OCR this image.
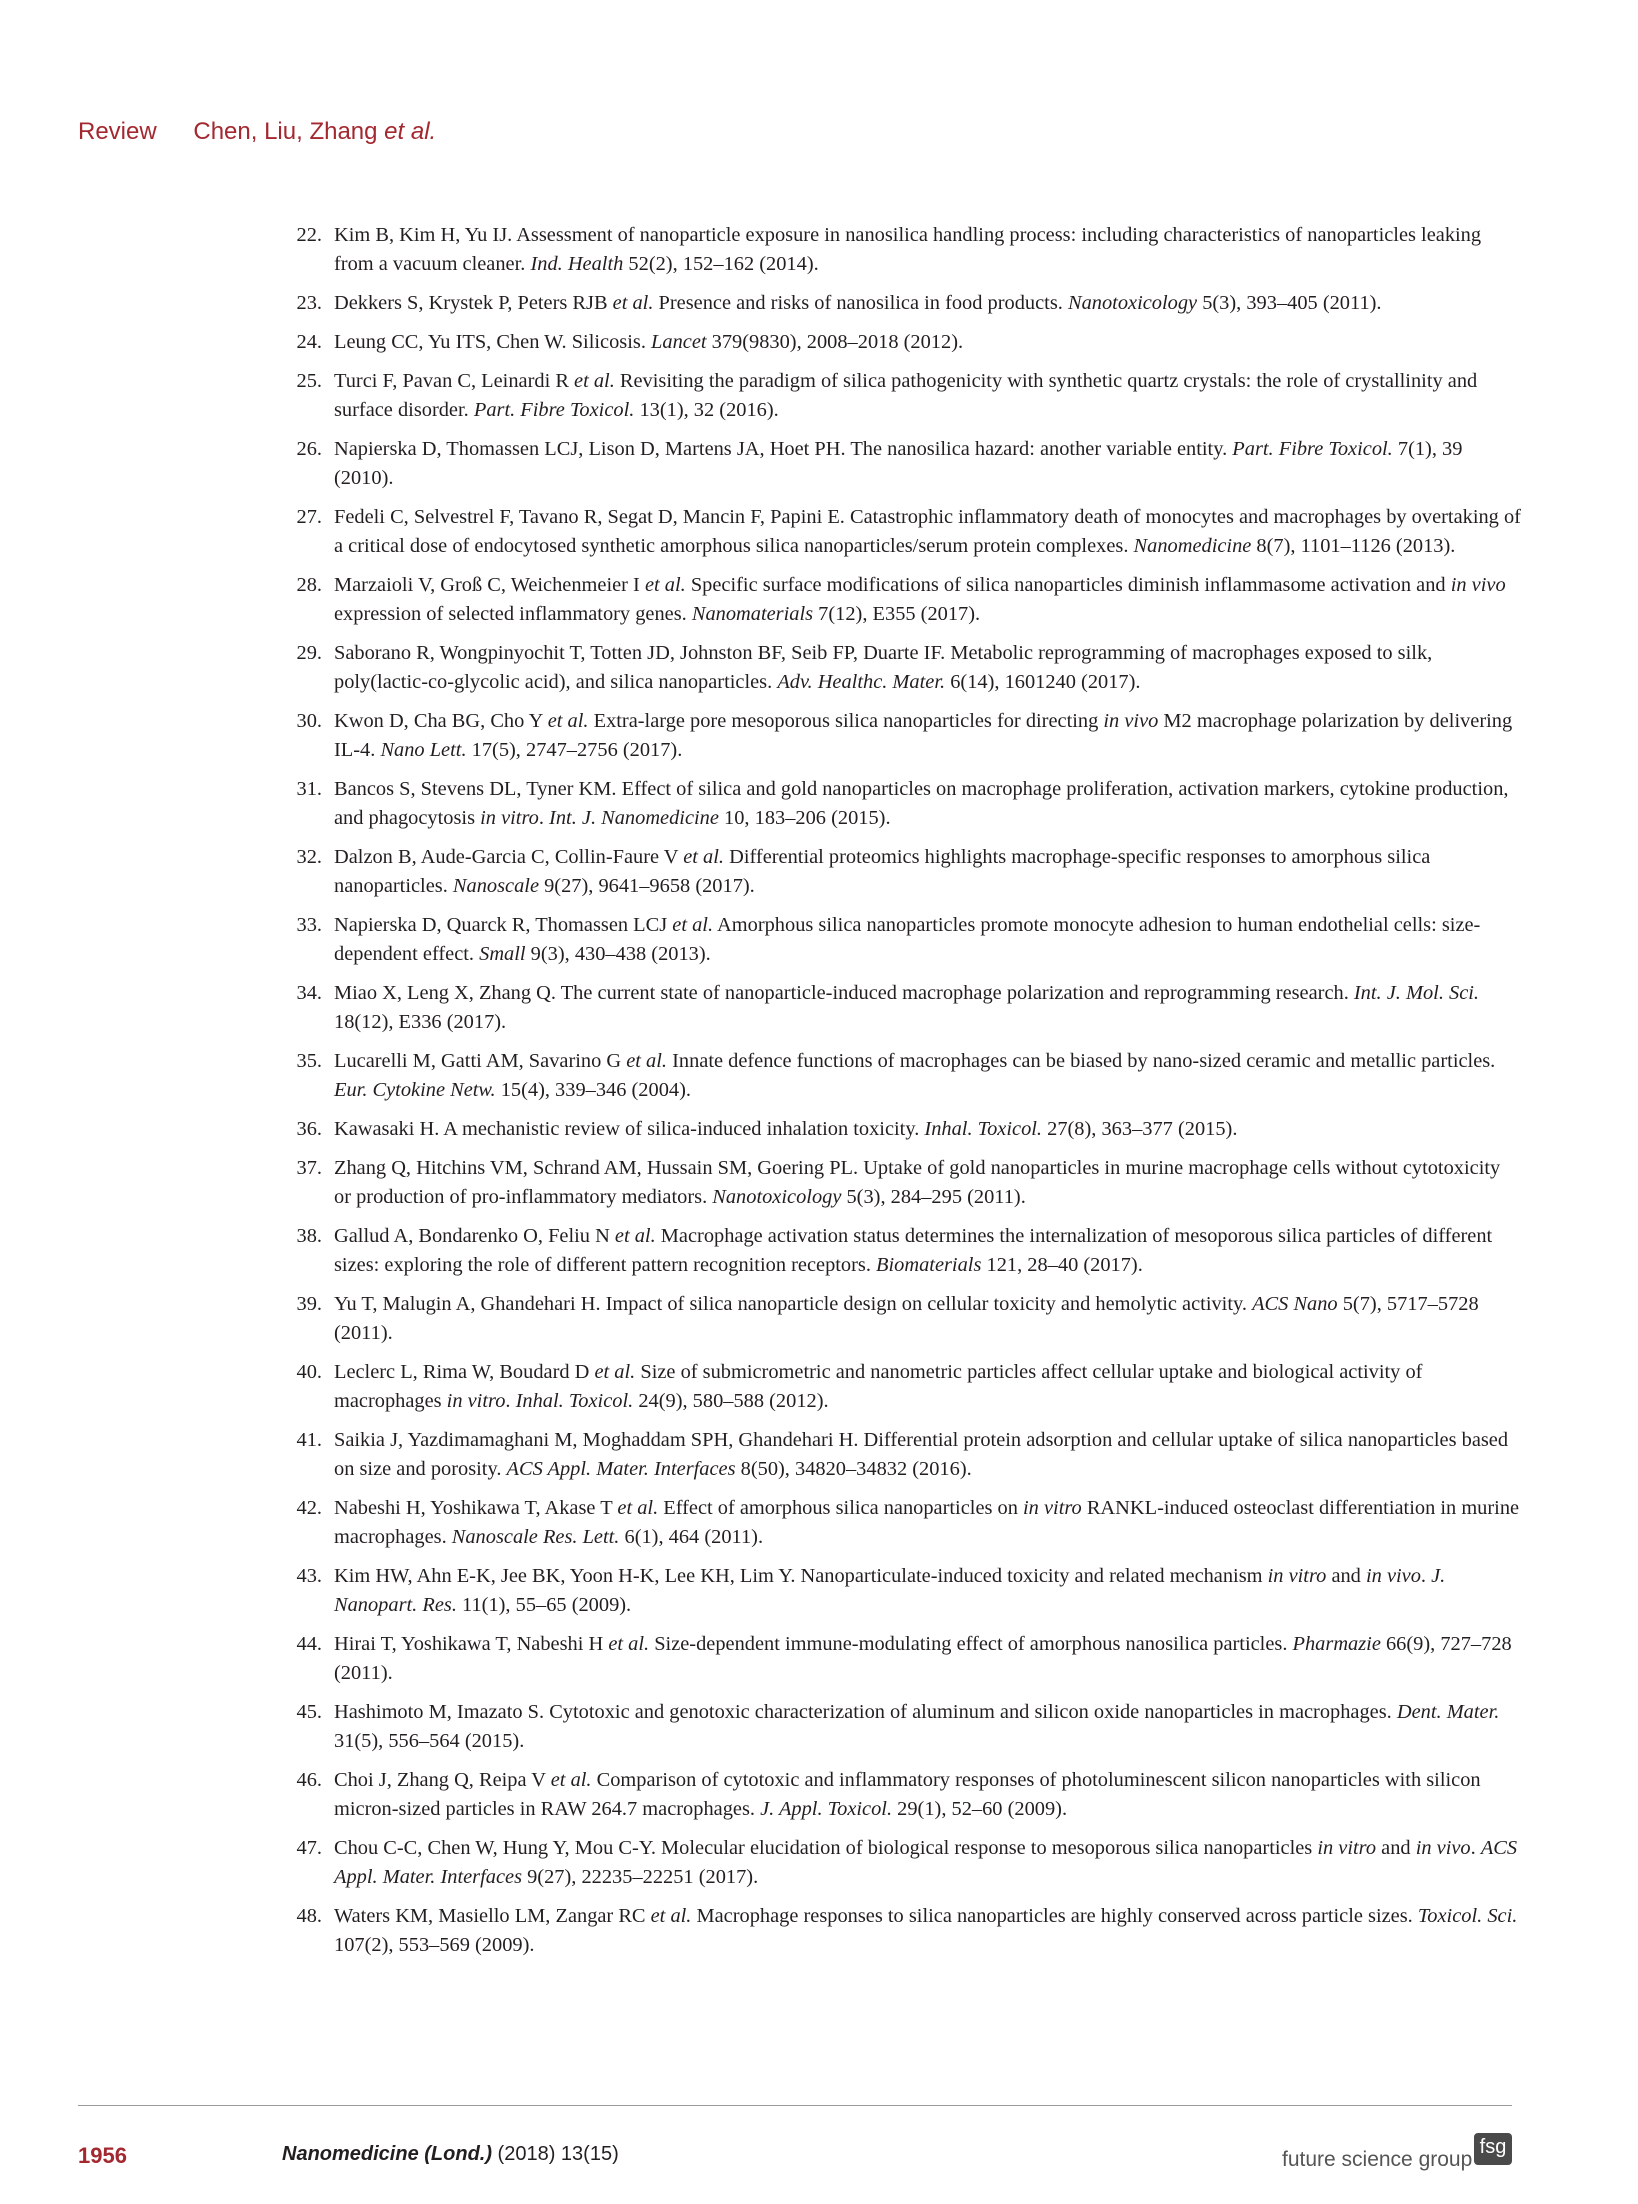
Review Chen, Liu, Zhang et al.
22. Kim B, Kim H, Yu IJ. Assessment of nanoparticle exposure in nanosilica handling process: including characteristics of nanoparticles leaking from a vacuum cleaner. Ind. Health 52(2), 152–162 (2014).
23. Dekkers S, Krystek P, Peters RJB et al. Presence and risks of nanosilica in food products. Nanotoxicology 5(3), 393–405 (2011).
24. Leung CC, Yu ITS, Chen W. Silicosis. Lancet 379(9830), 2008–2018 (2012).
25. Turci F, Pavan C, Leinardi R et al. Revisiting the paradigm of silica pathogenicity with synthetic quartz crystals: the role of crystallinity and surface disorder. Part. Fibre Toxicol. 13(1), 32 (2016).
26. Napierska D, Thomassen LCJ, Lison D, Martens JA, Hoet PH. The nanosilica hazard: another variable entity. Part. Fibre Toxicol. 7(1), 39 (2010).
27. Fedeli C, Selvestrel F, Tavano R, Segat D, Mancin F, Papini E. Catastrophic inflammatory death of monocytes and macrophages by overtaking of a critical dose of endocytosed synthetic amorphous silica nanoparticles/serum protein complexes. Nanomedicine 8(7), 1101–1126 (2013).
28. Marzaioli V, Groß C, Weichenmeier I et al. Specific surface modifications of silica nanoparticles diminish inflammasome activation and in vivo expression of selected inflammatory genes. Nanomaterials 7(12), E355 (2017).
29. Saborano R, Wongpinyochit T, Totten JD, Johnston BF, Seib FP, Duarte IF. Metabolic reprogramming of macrophages exposed to silk, poly(lactic-co-glycolic acid), and silica nanoparticles. Adv. Healthc. Mater. 6(14), 1601240 (2017).
30. Kwon D, Cha BG, Cho Y et al. Extra-large pore mesoporous silica nanoparticles for directing in vivo M2 macrophage polarization by delivering IL-4. Nano Lett. 17(5), 2747–2756 (2017).
31. Bancos S, Stevens DL, Tyner KM. Effect of silica and gold nanoparticles on macrophage proliferation, activation markers, cytokine production, and phagocytosis in vitro. Int. J. Nanomedicine 10, 183–206 (2015).
32. Dalzon B, Aude-Garcia C, Collin-Faure V et al. Differential proteomics highlights macrophage-specific responses to amorphous silica nanoparticles. Nanoscale 9(27), 9641–9658 (2017).
33. Napierska D, Quarck R, Thomassen LCJ et al. Amorphous silica nanoparticles promote monocyte adhesion to human endothelial cells: size-dependent effect. Small 9(3), 430–438 (2013).
34. Miao X, Leng X, Zhang Q. The current state of nanoparticle-induced macrophage polarization and reprogramming research. Int. J. Mol. Sci. 18(12), E336 (2017).
35. Lucarelli M, Gatti AM, Savarino G et al. Innate defence functions of macrophages can be biased by nano-sized ceramic and metallic particles. Eur. Cytokine Netw. 15(4), 339–346 (2004).
36. Kawasaki H. A mechanistic review of silica-induced inhalation toxicity. Inhal. Toxicol. 27(8), 363–377 (2015).
37. Zhang Q, Hitchins VM, Schrand AM, Hussain SM, Goering PL. Uptake of gold nanoparticles in murine macrophage cells without cytotoxicity or production of pro-inflammatory mediators. Nanotoxicology 5(3), 284–295 (2011).
38. Gallud A, Bondarenko O, Feliu N et al. Macrophage activation status determines the internalization of mesoporous silica particles of different sizes: exploring the role of different pattern recognition receptors. Biomaterials 121, 28–40 (2017).
39. Yu T, Malugin A, Ghandehari H. Impact of silica nanoparticle design on cellular toxicity and hemolytic activity. ACS Nano 5(7), 5717–5728 (2011).
40. Leclerc L, Rima W, Boudard D et al. Size of submicrometric and nanometric particles affect cellular uptake and biological activity of macrophages in vitro. Inhal. Toxicol. 24(9), 580–588 (2012).
41. Saikia J, Yazdimamaghani M, Moghaddam SPH, Ghandehari H. Differential protein adsorption and cellular uptake of silica nanoparticles based on size and porosity. ACS Appl. Mater. Interfaces 8(50), 34820–34832 (2016).
42. Nabeshi H, Yoshikawa T, Akase T et al. Effect of amorphous silica nanoparticles on in vitro RANKL-induced osteoclast differentiation in murine macrophages. Nanoscale Res. Lett. 6(1), 464 (2011).
43. Kim HW, Ahn E-K, Jee BK, Yoon H-K, Lee KH, Lim Y. Nanoparticulate-induced toxicity and related mechanism in vitro and in vivo. J. Nanopart. Res. 11(1), 55–65 (2009).
44. Hirai T, Yoshikawa T, Nabeshi H et al. Size-dependent immune-modulating effect of amorphous nanosilica particles. Pharmazie 66(9), 727–728 (2011).
45. Hashimoto M, Imazato S. Cytotoxic and genotoxic characterization of aluminum and silicon oxide nanoparticles in macrophages. Dent. Mater. 31(5), 556–564 (2015).
46. Choi J, Zhang Q, Reipa V et al. Comparison of cytotoxic and inflammatory responses of photoluminescent silicon nanoparticles with silicon micron-sized particles in RAW 264.7 macrophages. J. Appl. Toxicol. 29(1), 52–60 (2009).
47. Chou C-C, Chen W, Hung Y, Mou C-Y. Molecular elucidation of biological response to mesoporous silica nanoparticles in vitro and in vivo. ACS Appl. Mater. Interfaces 9(27), 22235–22251 (2017).
48. Waters KM, Masiello LM, Zangar RC et al. Macrophage responses to silica nanoparticles are highly conserved across particle sizes. Toxicol. Sci. 107(2), 553–569 (2009).
1956	Nanomedicine (Lond.) (2018) 13(15)	future science group
fsg
